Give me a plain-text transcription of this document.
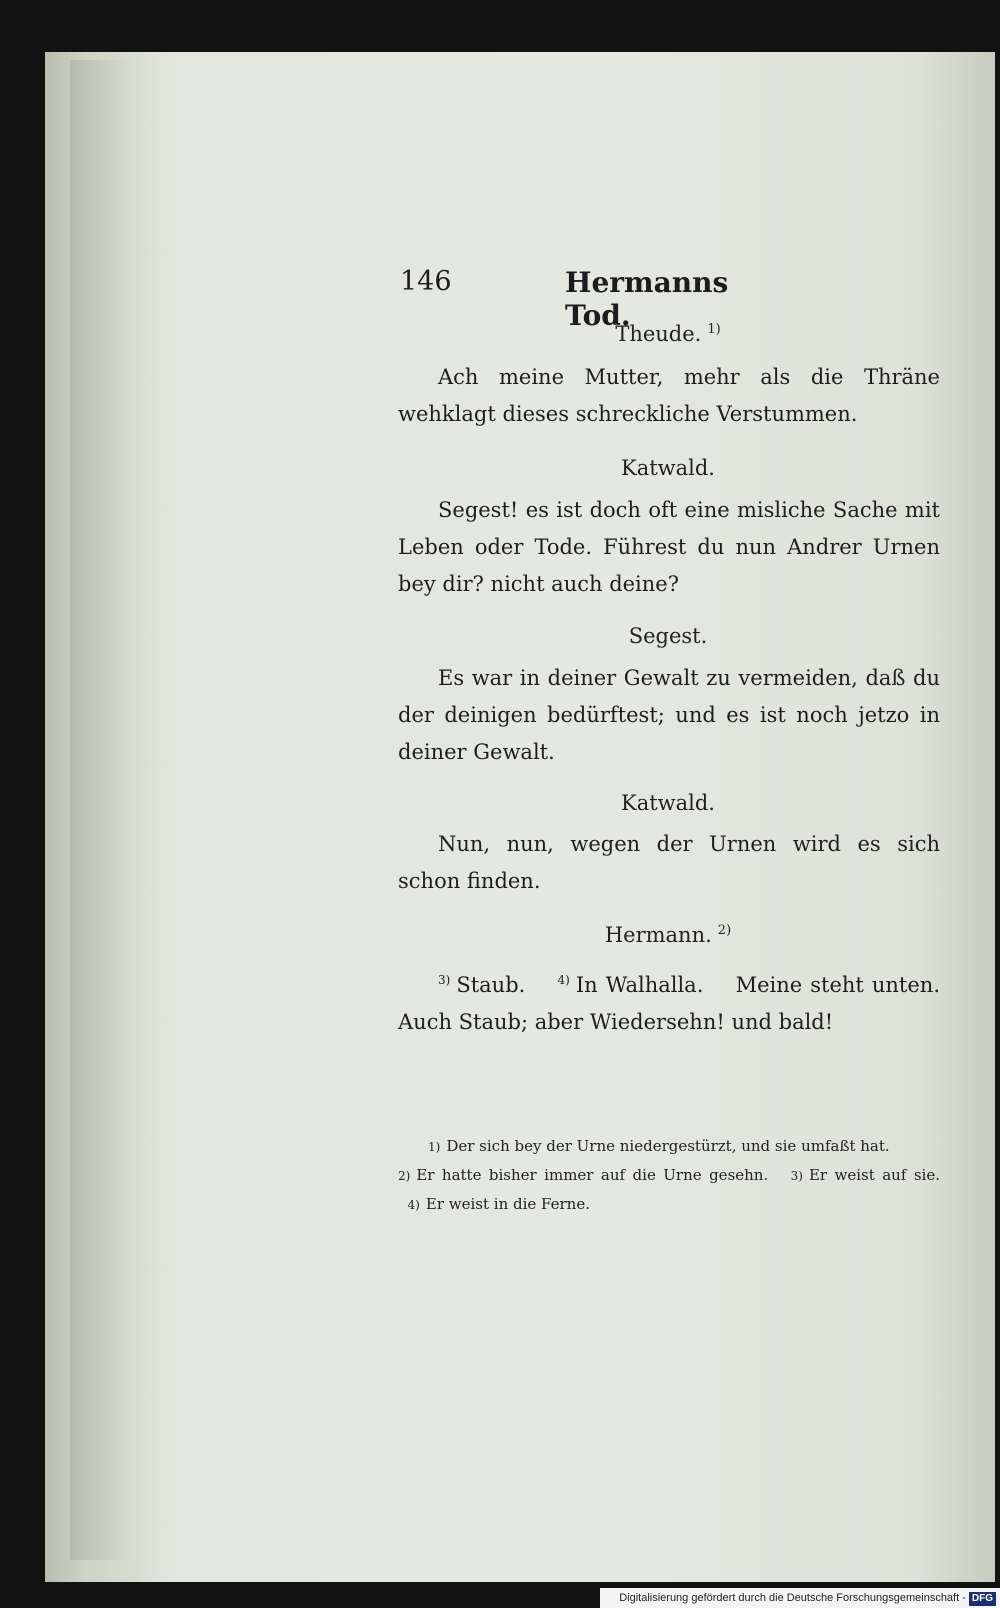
146	Hermanns Tod.
Theude. $^{1)}$
Ach meine Mutter, mehr als die Thräne wehklagt dieses schreckliche Verstummen.
Katwald.
Segest! es ist doch oft eine misliche Sache mit Leben oder Tode. Führest du nun Andrer Urnen bey dir? nicht auch deine?
Segest.
Es war in deiner Gewalt zu vermeiden, daß du der deinigen bedürftest; und es ist noch jetzo in deiner Gewalt.
Katwald.
Nun, nun, wegen der Urnen wird es sich schon finden.
Hermann. $^{2)}$
$^{3)}$ Staub.	$^{4)}$ In Walhalla. Meine steht unten. Auch Staub; aber Wiedersehn! und bald!
1) Der sich bey der Urne niedergestürzt, und sie umfaßt hat.
2) Er hatte bisher immer auf die Urne gesehn. 3) Er weist auf sie.   4) Er weist in die Ferne.
Digitalisierung gefördert durch die Deutsche Forschungsgemeinschaft - DFG
